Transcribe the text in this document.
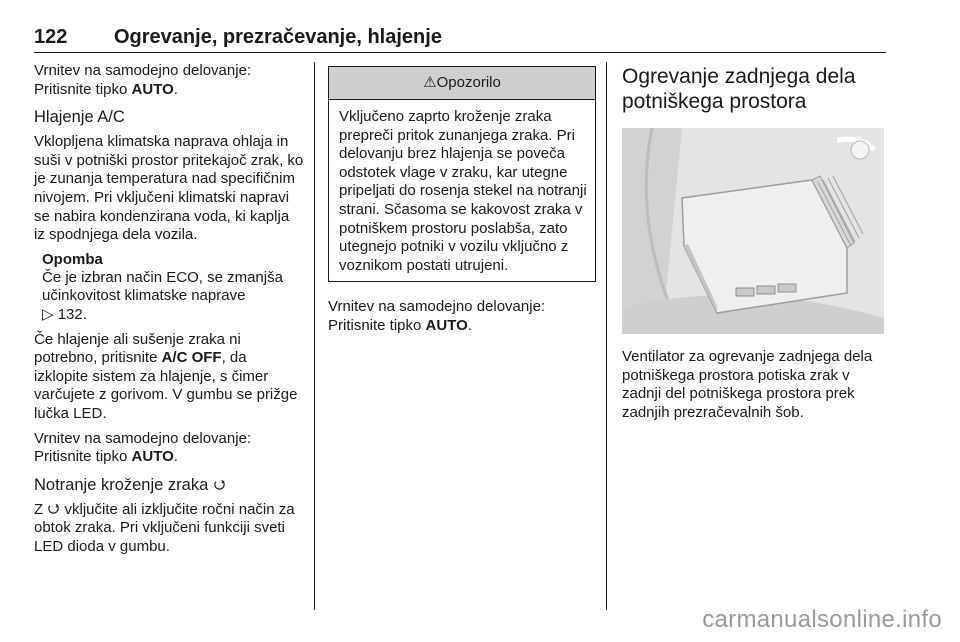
122 Ogrevanje, prezračevanje, hlajenje

Vrnitev na samodejno delovanje: Pritisnite tipko AUTO.

Hlajenje A/C

Vklopljena klimatska naprava ohlaja in suši v potniški prostor pritekajoč zrak, ko je zunanja temperatura nad specifičnim nivojem. Pri vključeni klimatski napravi se nabira kondenzirana voda, ki kaplja iz spodnjega dela vozila.

Opomba

Če je izbran način ECO, se zmanjša učinkovitost klimatske naprave
▷ 132.

Če hlajenje ali sušenje zraka ni potrebno, pritisnite A/C OFF, da izklopite sistem za hlajenje, s čimer varčujete z gorivom. V gumbu se prižge lučka LED.

Vrnitev na samodejno delovanje: Pritisnite tipko AUTO.

Notranje kroženje zraka

Z  vključite ali izključite ročni način za obtok zraka. Pri vključeni funkciji sveti LED dioda v gumbu.

⚠Opozorilo

Vključeno zaprto kroženje zraka prepreči pritok zunanjega zraka. Pri delovanju brez hlajenja se poveča odstotek vlage v zraku, kar utegne pripeljati do rosenja stekel na notranji strani. Sčasoma se kakovost zraka v potniškem prostoru poslabša, zato utegnejo potniki v vozilu vključno z voznikom postati utrujeni.

Vrnitev na samodejno delovanje: Pritisnite tipko AUTO.

Ogrevanje zadnjega dela potniškega prostora

Ventilator za ogrevanje zadnjega dela potniškega prostora potiska zrak v zadnji del potniškega prostora prek zadnjih prezračevalnih šob.

carmanualsonline.info
